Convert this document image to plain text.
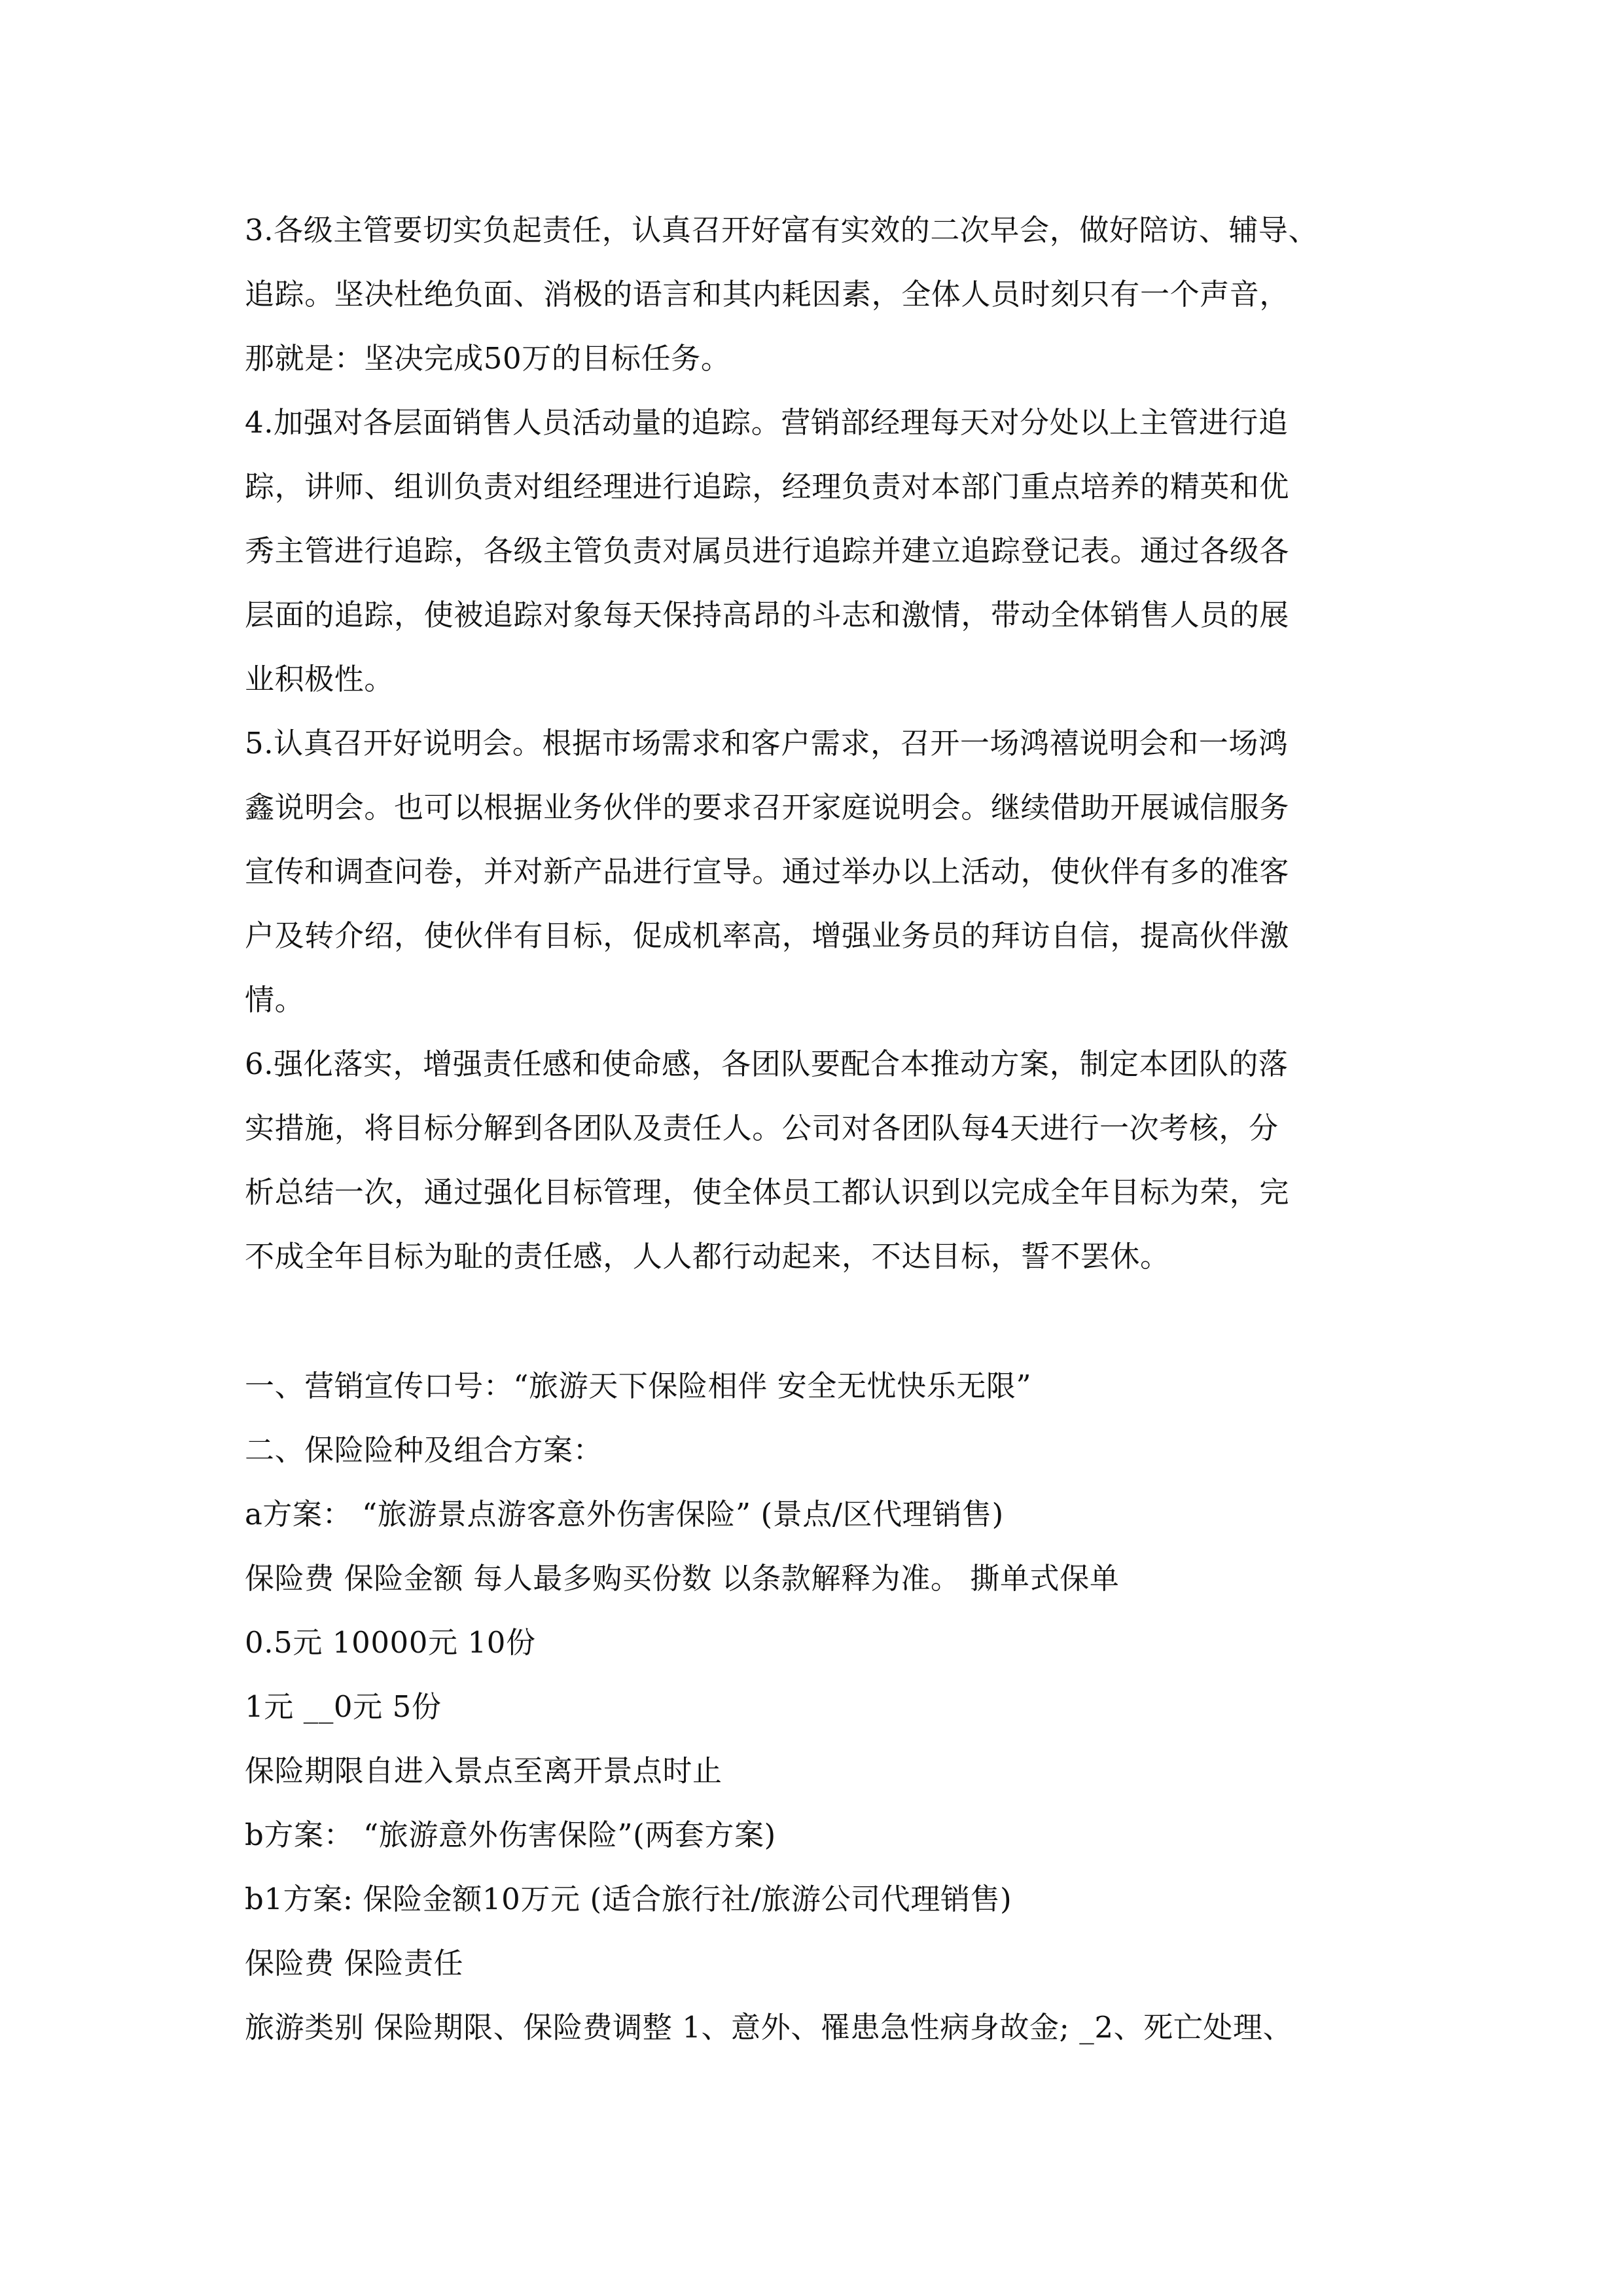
3.各级主管要切实负起责任，认真召开好富有实效的二次早会，做好陪访、辅导、
追踪。坚决杜绝负面、消极的语言和其内耗因素，全体人员时刻只有一个声音，
那就是：坚决完成50万的目标任务。
4.加强对各层面销售人员活动量的追踪。营销部经理每天对分处以上主管进行追
踪，讲师、组训负责对组经理进行追踪，经理负责对本部门重点培养的精英和优
秀主管进行追踪，各级主管负责对属员进行追踪并建立追踪登记表。通过各级各
层面的追踪，使被追踪对象每天保持高昂的斗志和激情，带动全体销售人员的展
业积极性。
5.认真召开好说明会。根据市场需求和客户需求，召开一场鸿禧说明会和一场鸿
鑫说明会。也可以根据业务伙伴的要求召开家庭说明会。继续借助开展诚信服务
宣传和调查问卷，并对新产品进行宣导。通过举办以上活动，使伙伴有多的准客
户及转介绍，使伙伴有目标，促成机率高，增强业务员的拜访自信，提高伙伴激
情。
6.强化落实，增强责任感和使命感，各团队要配合本推动方案，制定本团队的落
实措施，将目标分解到各团队及责任人。公司对各团队每4天进行一次考核，分
析总结一次，通过强化目标管理，使全体员工都认识到以完成全年目标为荣，完
不成全年目标为耻的责任感，人人都行动起来，不达目标，誓不罢休。
一、营销宣传口号：“旅游天下保险相伴 安全无忧快乐无限”
二、保险险种及组合方案：
a方案： “旅游景点游客意外伤害保险” (景点/区代理销售)
保险费 保险金额 每人最多购买份数 以条款解释为准。 撕单式保单
0.5元 10000元 10份
1元 __0元 5份
保险期限自进入景点至离开景点时止
b方案： “旅游意外伤害保险”(两套方案)
b1方案: 保险金额10万元 (适合旅行社/旅游公司代理销售)
保险费 保险责任
旅游类别 保险期限、保险费调整 1、意外、罹患急性病身故金; _2、死亡处理、
